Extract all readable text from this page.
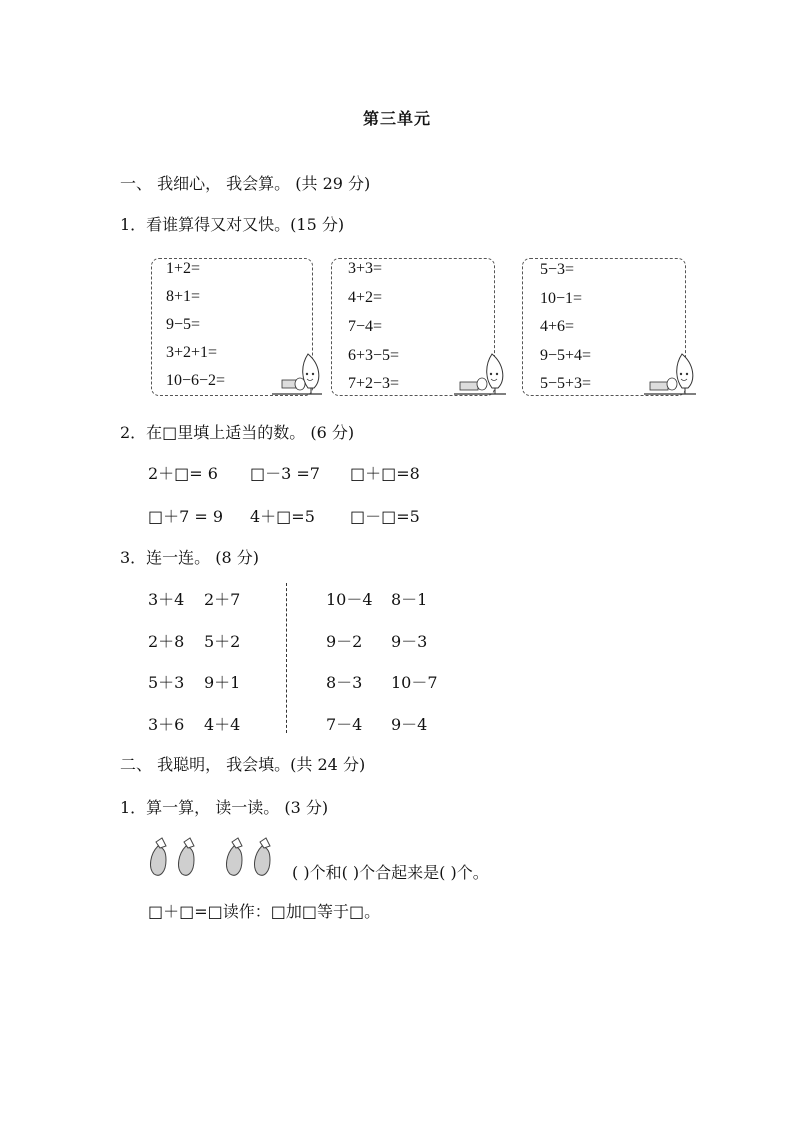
第三单元
一、 我细心， 我会算。 (共 29 分)
1．看谁算得又对又快。(15 分)
1+2=
8+1=
9−5=
3+2+1=
10−6−2=
3+3=
4+2=
7−4=
6+3−5=
7+2−3=
5−3=
10−1=
4+6=
9−5+4=
5−5+3=
2．在□里填上适当的数。 (6 分)
2＋□= 6 □－3 =7 □＋□=8
□＋7 = 9 4＋□=5 □－□=5
3．连一连。 (8 分)
3＋4 2＋7
2＋8 5＋2
5＋3 9＋1
3＋6 4＋4
10－4 8－1
9－2 9－3
8－3 10－7
7－4 9－4
二、 我聪明， 我会填。(共 24 分)
1．算一算， 读一读。 (3 分)
( )个和( )个合起来是( )个。
□＋□=□读作：□加□等于□。
